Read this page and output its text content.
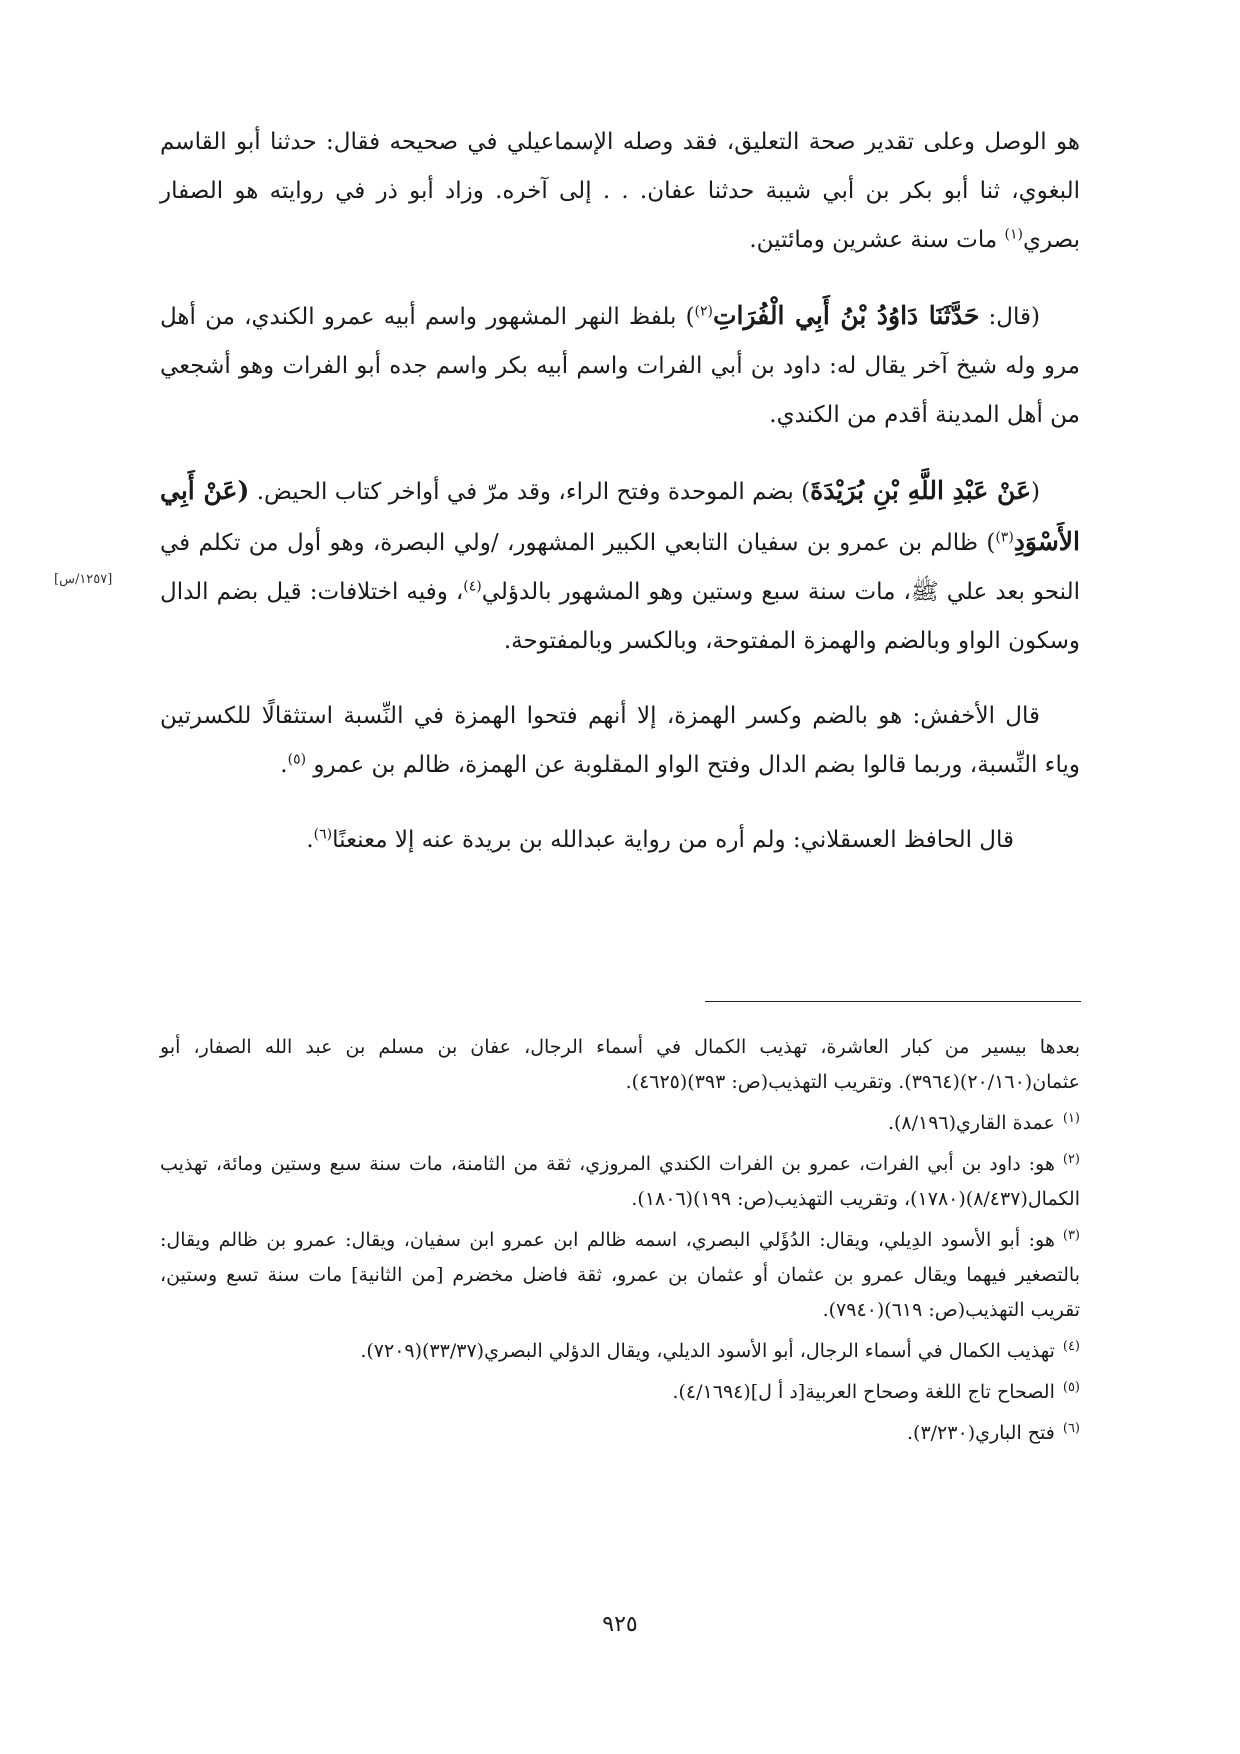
هو الوصل وعلى تقدير صحة التعليق، فقد وصله الإسماعيلي في صحيحه فقال: حدثنا أبو القاسم البغوي، ثنا أبو بكر بن أبي شيبة حدثنا عفان. . . إلى آخره. وزاد أبو ذر في روايته هو الصفار بصري$^{(١)}$ مات سنة عشرين ومائتين.

(قال: حَدَّثَنَا دَاوُدُ بْنُ أَبِي الْفُرَاتِ$^{(٢)}$) بلفظ النهر المشهور واسم أبيه عمرو الكندي، من أهل مرو وله شيخ آخر يقال له: داود بن أبي الفرات واسم أبيه بكر واسم جده أبو الفرات وهو أشجعي من أهل المدينة أقدم من الكندي.

(عَنْ عَبْدِ اللَّهِ بْنِ بُرَيْدَةَ) بضم الموحدة وفتح الراء، وقد مرّ في أواخر كتاب الحيض. (عَنْ أَبِي الأَسْوَدِ$^{(٣)}$) ظالم بن عمرو بن سفيان التابعي الكبير المشهور، /ولي البصرة، وهو أول من تكلم في النحو بعد علي ﷺ، مات سنة سبع وستين وهو المشهور بالدؤلي$^{(٤)}$، وفيه اختلافات: قيل بضم الدال وسكون الواو وبالضم والهمزة المفتوحة، وبالكسر وبالمفتوحة.

قال الأخفش: هو بالضم وكسر الهمزة، إلا أنهم فتحوا الهمزة في النِّسبة استثقالًا للكسرتين وياء النِّسبة، وربما قالوا بضم الدال وفتح الواو المقلوبة عن الهمزة، ظالم بن عمرو $^{(٥)}$.

قال الحافظ العسقلاني: ولم أره من رواية عبدالله بن بريدة عنه إلا معنعنًا$^{(٦)}$.

[١٢٥٧/س]

بعدها بيسير من كبار العاشرة، تهذيب الكمال في أسماء الرجال، عفان بن مسلم بن عبد الله الصفار، أبو عثمان(٢٠/١٦٠)(٣٩٦٤). وتقريب التهذيب(ص: ٣٩٣)(٤٦٢٥).

$^{(١)}$عمدة القاري(٨/١٩٦).

$^{(٢)}$هو: داود بن أبي الفرات، عمرو بن الفرات الكندي المروزي، ثقة من الثامنة، مات سنة سبع وستين ومائة، تهذيب الكمال(٨/٤٣٧)(١٧٨٠)، وتقريب التهذيب(ص: ١٩٩)(١٨٠٦).

$^{(٣)}$هو: أبو الأسود الدِيلي، ويقال: الدُؤَلي البصري، اسمه ظالم ابن عمرو ابن سفيان، ويقال: عمرو بن ظالم ويقال: بالتصغير فيهما ويقال عمرو بن عثمان أو عثمان بن عمرو، ثقة فاضل مخضرم [من الثانية] مات سنة تسع وستين، تقريب التهذيب(ص: ٦١٩)(٧٩٤٠).

$^{(٤)}$تهذيب الكمال في أسماء الرجال، أبو الأسود الديلي، ويقال الدؤلي البصري(٣٣/٣٧)(٧٢٠٩).

$^{(٥)}$الصحاح تاج اللغة وصحاح العربية[د أ ل](٤/١٦٩٤).

$^{(٦)}$فتح الباري(٣/٢٣٠).

٩٢٥
